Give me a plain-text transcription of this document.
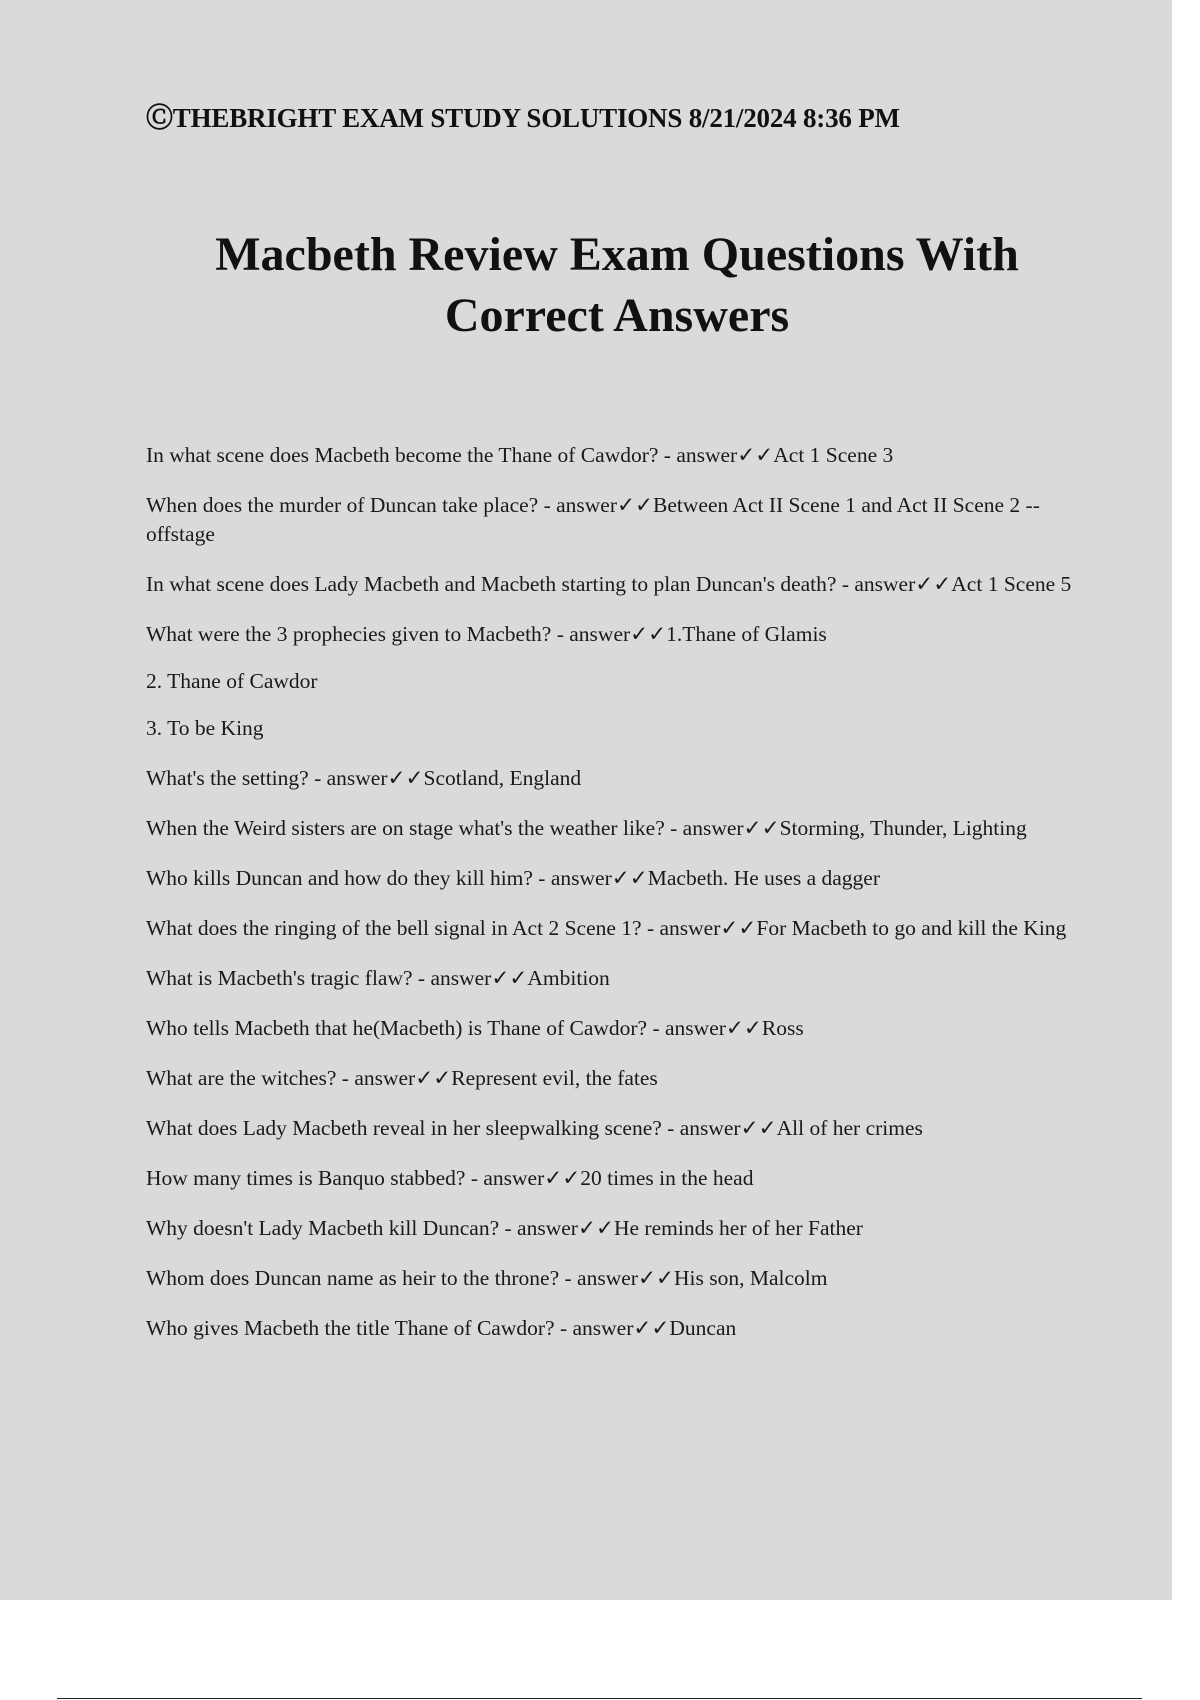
ⒸTHEBRIGHT EXAM STUDY SOLUTIONS 8/21/2024 8:36 PM
Macbeth Review Exam Questions With
Correct Answers
In what scene does Macbeth become the Thane of Cawdor? - answer✓✓Act 1 Scene 3
When does the murder of Duncan take place? - answer✓✓Between Act II Scene 1 and Act II Scene 2 -- offstage
In what scene does Lady Macbeth and Macbeth starting to plan Duncan's death? - answer✓✓Act 1 Scene 5
What were the 3 prophecies given to Macbeth? - answer✓✓1.Thane of Glamis
2. Thane of Cawdor
3. To be King
What's the setting? - answer✓✓Scotland, England
When the Weird sisters are on stage what's the weather like? - answer✓✓Storming, Thunder, Lighting
Who kills Duncan and how do they kill him? - answer✓✓Macbeth. He uses a dagger
What does the ringing of the bell signal in Act 2 Scene 1? - answer✓✓For Macbeth to go and kill the King
What is Macbeth's tragic flaw? - answer✓✓Ambition
Who tells Macbeth that he(Macbeth) is Thane of Cawdor? - answer✓✓Ross
What are the witches? - answer✓✓Represent evil, the fates
What does Lady Macbeth reveal in her sleepwalking scene? - answer✓✓All of her crimes
How many times is Banquo stabbed? - answer✓✓20 times in the head
Why doesn't Lady Macbeth kill Duncan? - answer✓✓He reminds her of her Father
Whom does Duncan name as heir to the throne? - answer✓✓His son, Malcolm
Who gives Macbeth the title Thane of Cawdor? - answer✓✓Duncan
